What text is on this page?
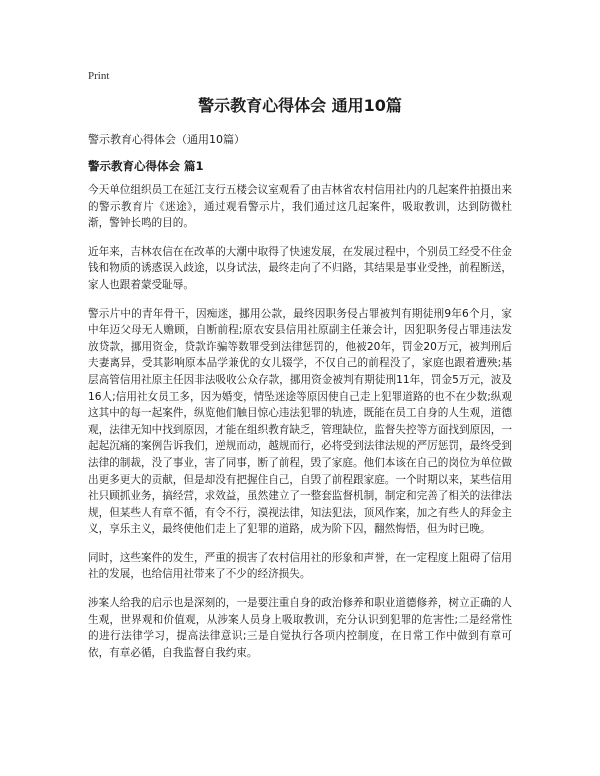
Print
警示教育心得体会 通用10篇
警示教育心得体会（通用10篇）
警示教育心得体会 篇1

今天单位组织员工在延江支行五楼会议室观看了由吉林省农村信用社内的几起案件拍摄出来的警示教育片《迷途》，通过观看警示片，我们通过这几起案件，吸取教训，达到防微杜渐，警钟长鸣的目的。

近年来，吉林农信在在改革的大潮中取得了快速发展，在发展过程中，个别员工经受不住金钱和物质的诱惑误入歧途，以身试法，最终走向了不归路，其结果是事业受挫，前程断送，家人也跟着蒙受耻辱。

警示片中的青年骨干，因痴迷，挪用公款，最终因职务侵占罪被判有期徒刑9年6个月，家中年迈父母无人赡顾，自断前程;原农安县信用社原副主任兼会计，因犯职务侵占罪违法发放贷款，挪用资金，贷款诈骗等数罪受到法律惩罚的，他被20年，罚金20万元，被判刑后夫妻离异，受其影响原本品学兼优的女儿辍学，不仅自己的前程没了，家庭也跟着遭殃;基层高管信用社原主任因非法吸收公众存款，挪用资金被判有期徒刑11年，罚金5万元，波及16人;信用社女员工多，因为婚变，情坠迷途等原因使自己走上犯罪道路的也不在少数;纵观这其中的每一起案件，纵览他们触目惊心违法犯罪的轨迹，既能在员工自身的人生观，道德观，法律无知中找到原因，才能在组织教育缺乏，管理缺位，监督失控等方面找到原因，一起起沉痛的案例告诉我们，逆规而动，越规而行，必将受到法律法规的严厉惩罚，最终受到法律的制裁，没了事业，害了同事，断了前程，毁了家庭。他们本该在自己的岗位为单位做出更多更大的贡献，但是却没有把握住自己，自毁了前程跟家庭。一个时期以来，某些信用社只顾抓业务，搞经营，求效益，虽然建立了一整套监督机制，制定和完善了相关的法律法规，但某些人有章不循，有令不行，漠视法律，知法犯法，顶风作案，加之有些人的拜金主义，享乐主义，最终使他们走上了犯罪的道路，成为阶下囚，翻然悔悟，但为时已晚。

同时，这些案件的发生，严重的损害了农村信用社的形象和声誉，在一定程度上阻碍了信用社的发展，也给信用社带来了不少的经济损失。

涉案人给我的启示也是深刻的，一是要注重自身的政治修养和职业道德修养，树立正确的人生观，世界观和价值观，从涉案人员身上吸取教训，充分认识到犯罪的危害性;二是经常性的进行法律学习，提高法律意识;三是自觉执行各项内控制度，在日常工作中做到有章可依，有章必循，自我监督自我约束。
